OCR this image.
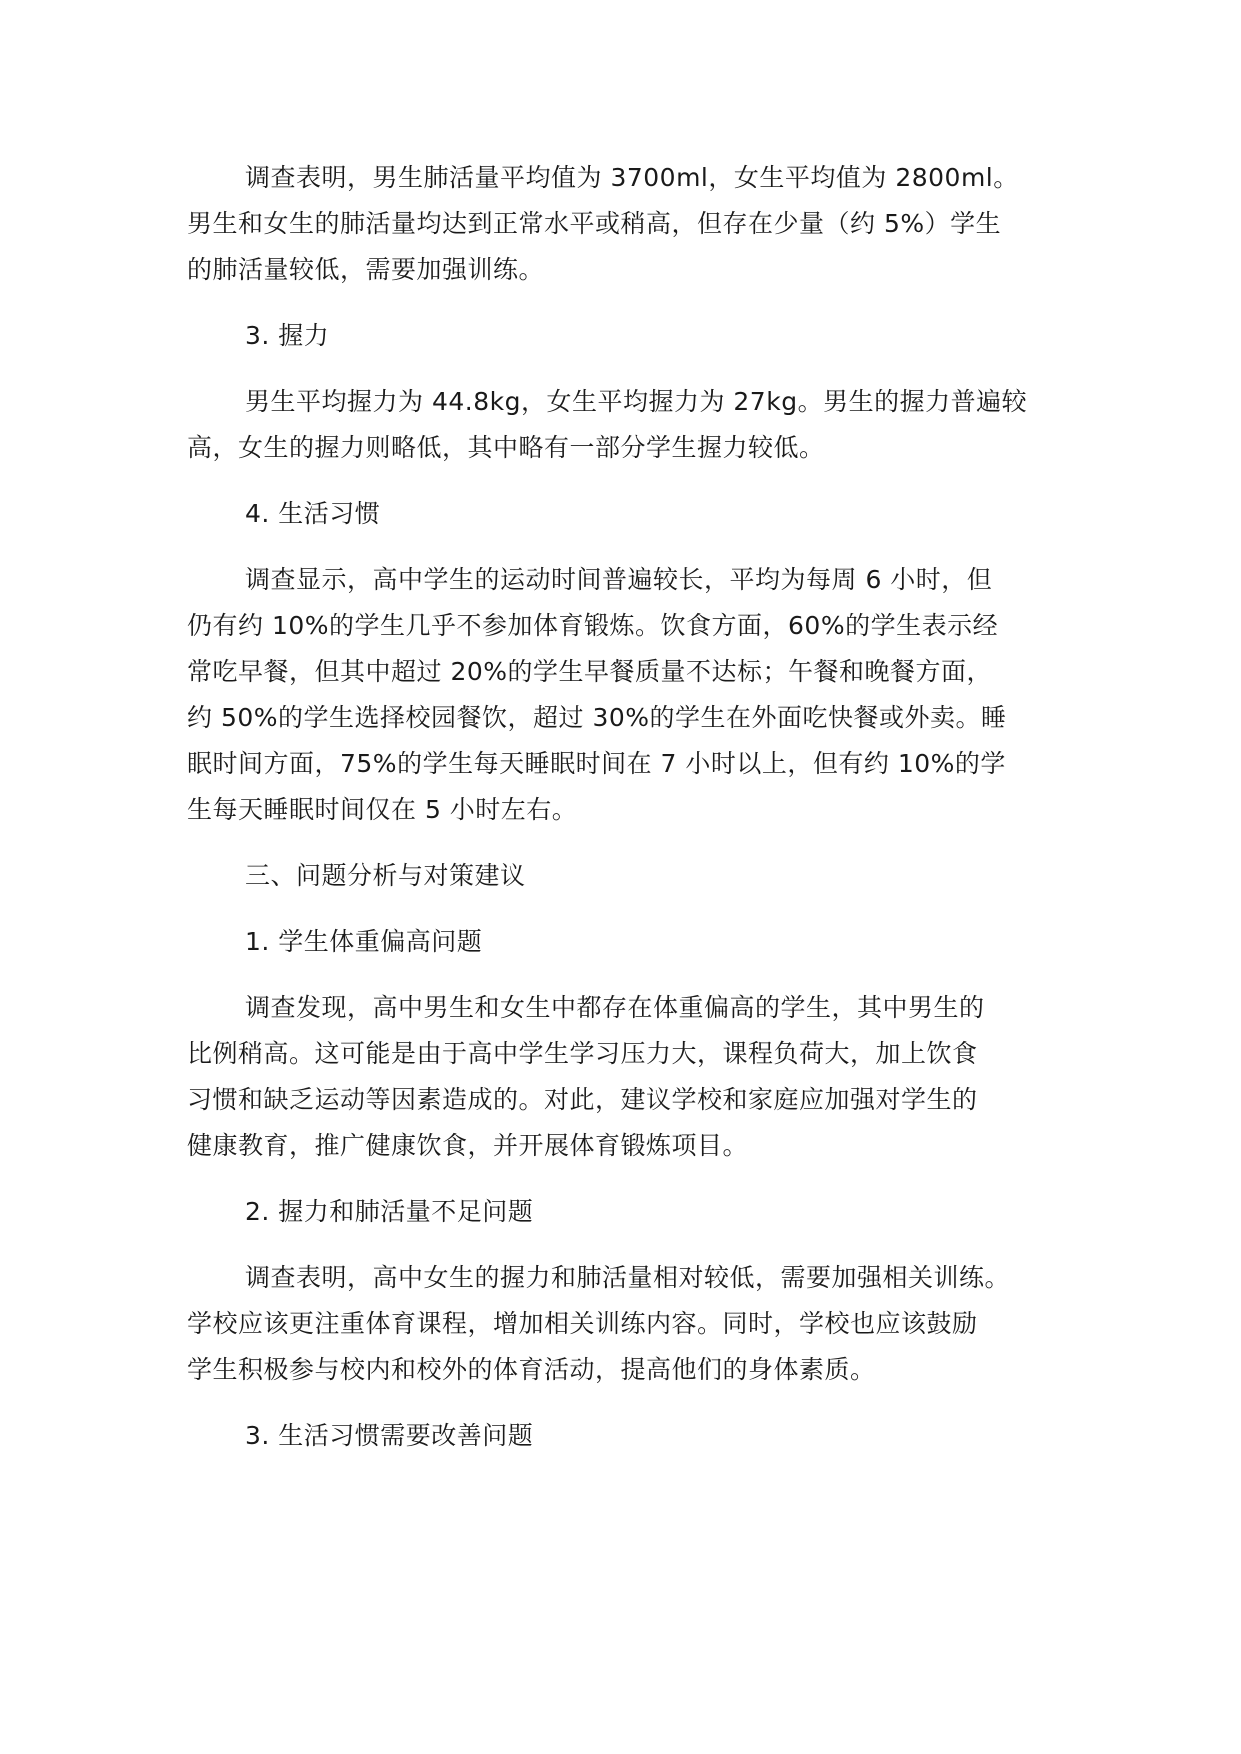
调查表明，男生肺活量平均值为 3700ml，女生平均值为 2800ml。
男生和女生的肺活量均达到正常水平或稍高，但存在少量（约 5%）学生
的肺活量较低，需要加强训练。
3. 握力
男生平均握力为 44.8kg，女生平均握力为 27kg。男生的握力普遍较
高，女生的握力则略低，其中略有一部分学生握力较低。
4. 生活习惯
调查显示，高中学生的运动时间普遍较长，平均为每周 6 小时，但
仍有约 10%的学生几乎不参加体育锻炼。饮食方面，60%的学生表示经
常吃早餐，但其中超过 20%的学生早餐质量不达标；午餐和晚餐方面，
约 50%的学生选择校园餐饮，超过 30%的学生在外面吃快餐或外卖。睡
眠时间方面，75%的学生每天睡眠时间在 7 小时以上，但有约 10%的学
生每天睡眠时间仅在 5 小时左右。
三、问题分析与对策建议
1. 学生体重偏高问题
调查发现，高中男生和女生中都存在体重偏高的学生，其中男生的
比例稍高。这可能是由于高中学生学习压力大，课程负荷大，加上饮食
习惯和缺乏运动等因素造成的。对此，建议学校和家庭应加强对学生的
健康教育，推广健康饮食，并开展体育锻炼项目。
2. 握力和肺活量不足问题
调查表明，高中女生的握力和肺活量相对较低，需要加强相关训练。
学校应该更注重体育课程，增加相关训练内容。同时，学校也应该鼓励
学生积极参与校内和校外的体育活动，提高他们的身体素质。
3. 生活习惯需要改善问题
